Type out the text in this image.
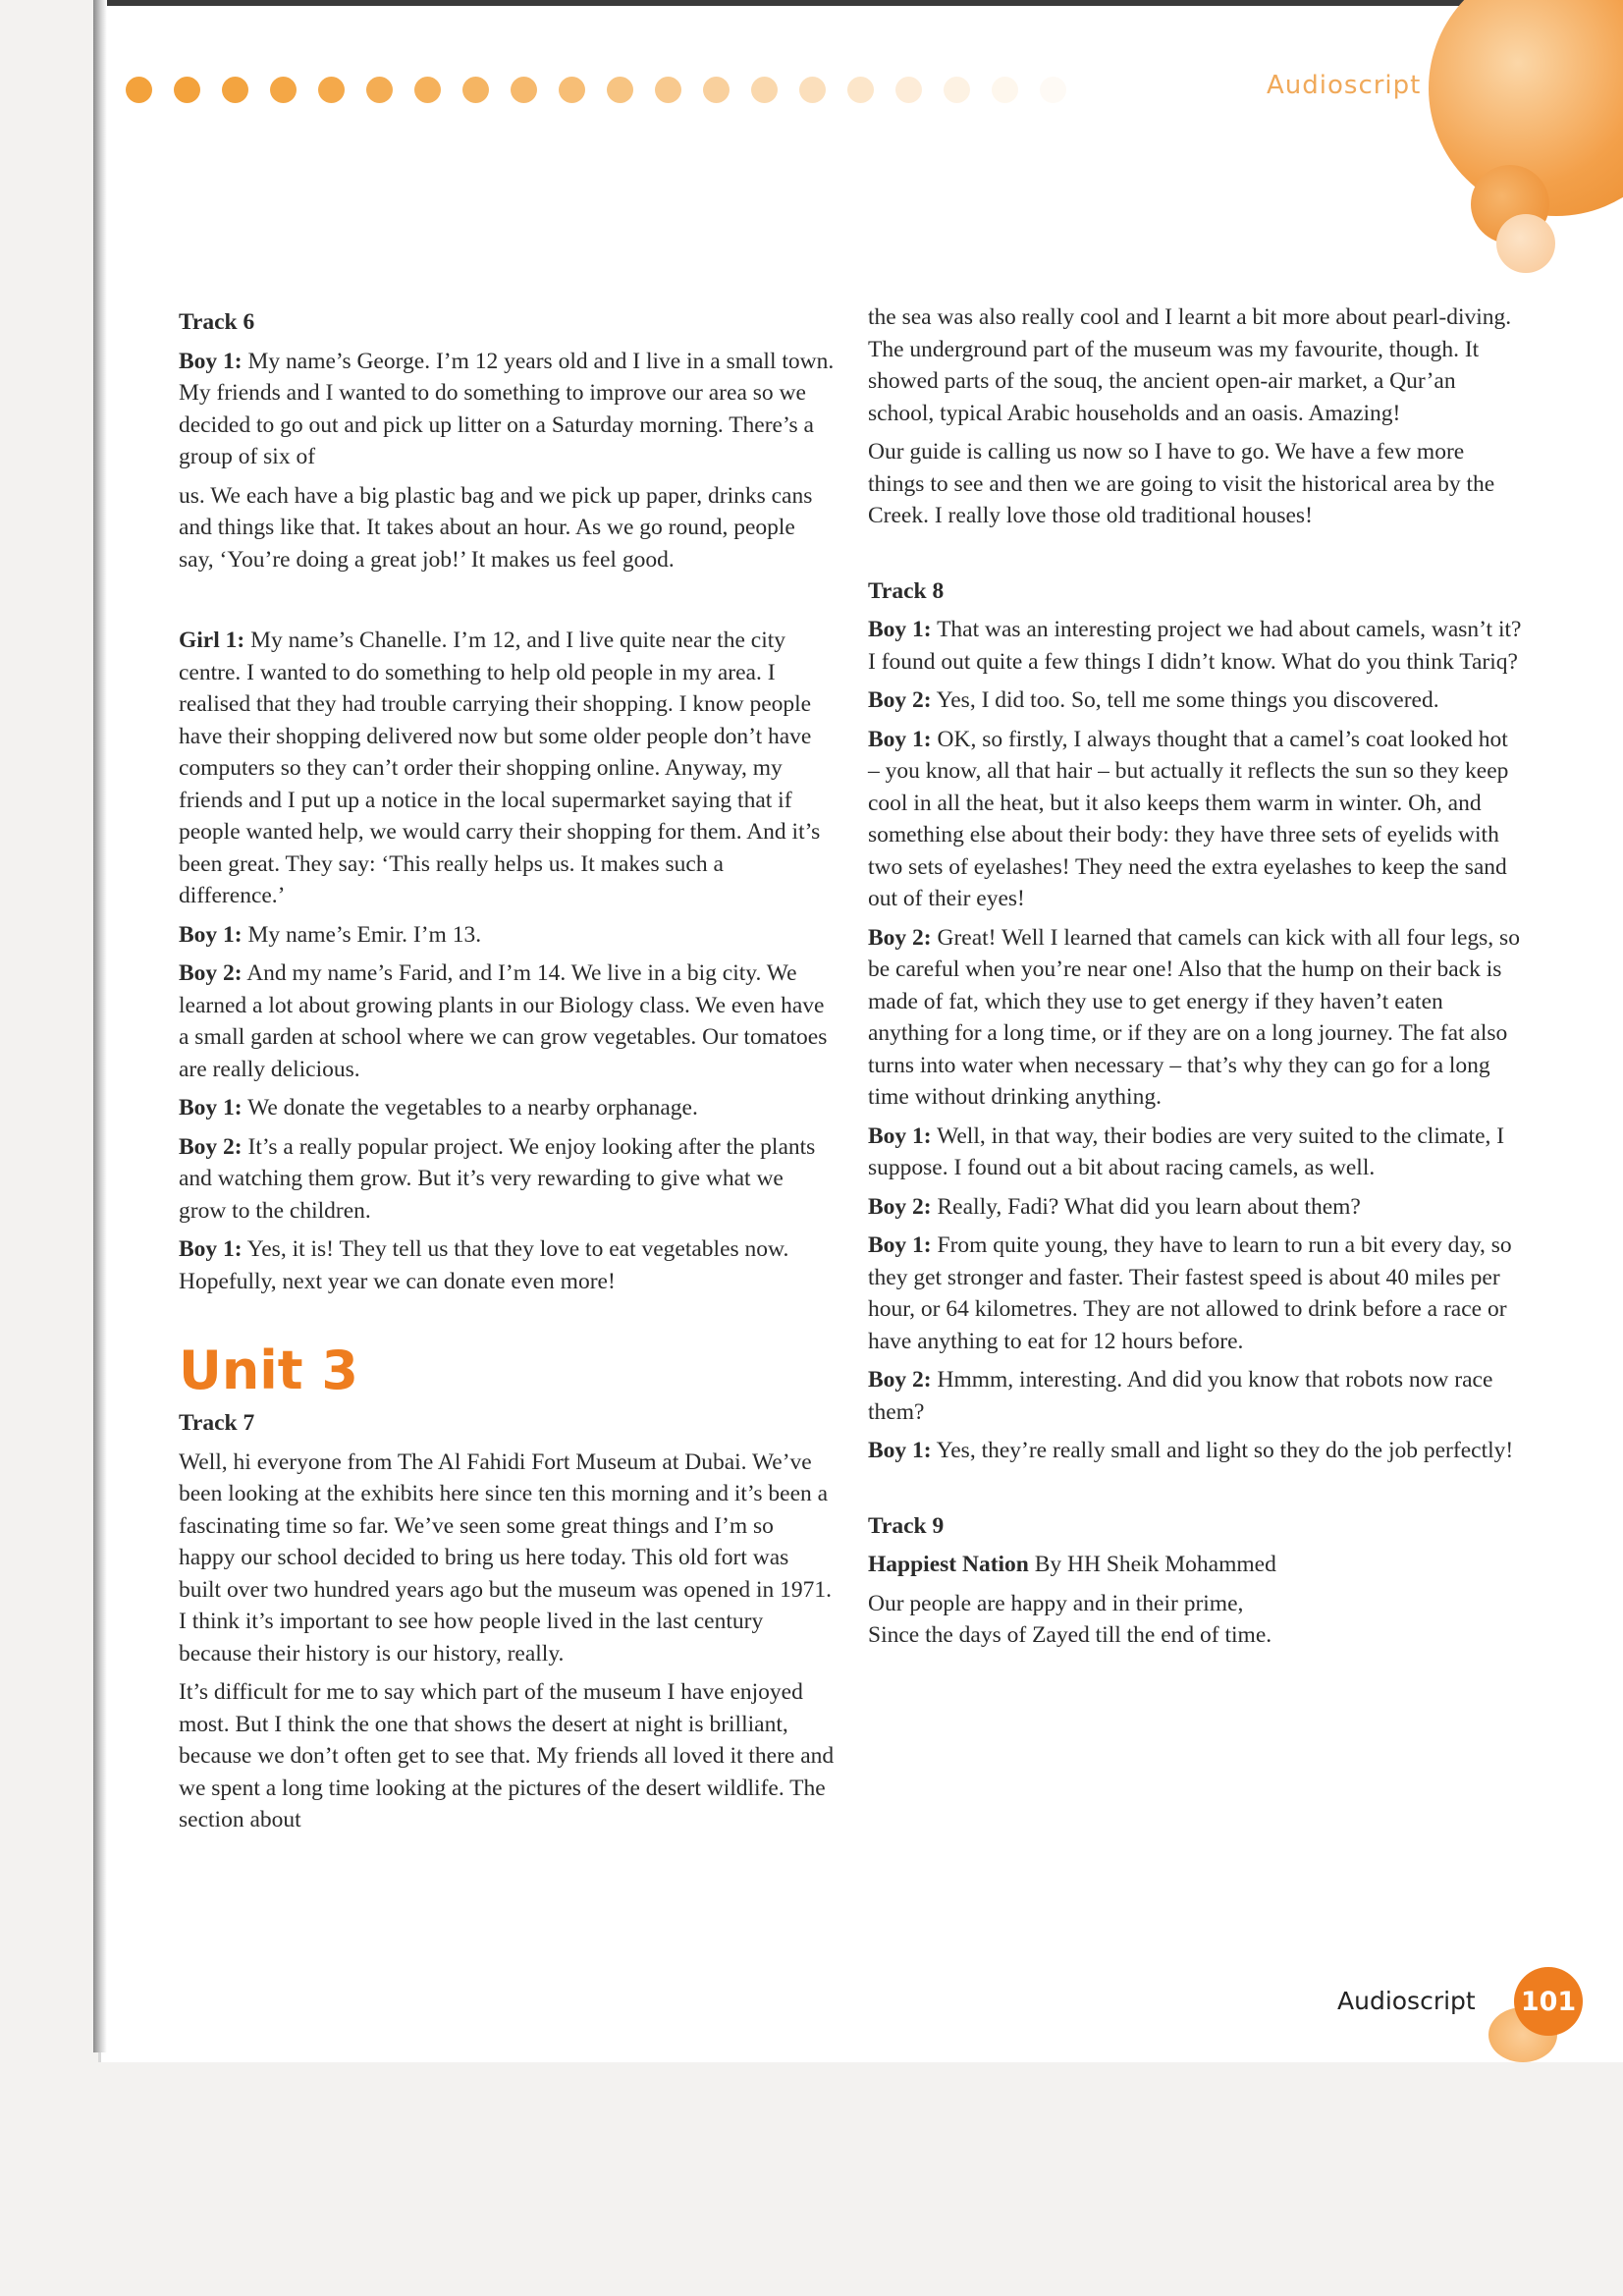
Audioscript

Track 6

Boy 1: My name’s George. I’m 12 years old and I live in a small town. My friends and I wanted to do something to improve our area so we decided to go out and pick up litter on a Saturday morning. There’s a group of six of

us. We each have a big plastic bag and we pick up paper, drinks cans and things like that. It takes about an hour. As we go round, people say, ‘You’re doing a great job!’ It makes us feel good.

Girl 1: My name’s Chanelle. I’m 12, and I live quite near the city centre. I wanted to do something to help old people in my area. I realised that they had trouble carrying their shopping. I know people have their shopping delivered now but some older people don’t have computers so they can’t order their shopping online. Anyway, my friends and I put up a notice in the local supermarket saying that if people wanted help, we would carry their shopping for them. And it’s been great. They say: ‘This really helps us. It makes such a difference.’

Boy 1: My name’s Emir. I’m 13.

Boy 2: And my name’s Farid, and I’m 14. We live in a big city. We learned a lot about growing plants in our Biology class. We even have a small garden at school where we can grow vegetables. Our tomatoes are really delicious.

Boy 1: We donate the vegetables to a nearby orphanage.

Boy 2: It’s a really popular project. We enjoy looking after the plants and watching them grow. But it’s very rewarding to give what we grow to the children.

Boy 1: Yes, it is! They tell us that they love to eat vegetables now. Hopefully, next year we can donate even more!

Unit 3

Track 7

Well, hi everyone from The Al Fahidi Fort Museum at Dubai. We’ve been looking at the exhibits here since ten this morning and it’s been a fascinating time so far. We’ve seen some great things and I’m so happy our school decided to bring us here today. This old fort was built over two hundred years ago but the museum was opened in 1971. I think it’s important to see how people lived in the last century because their history is our history, really.

It’s difficult for me to say which part of the museum I have enjoyed most. But I think the one that shows the desert at night is brilliant, because we don’t often get to see that. My friends all loved it there and we spent a long time looking at the pictures of the desert wildlife. The section about

the sea was also really cool and I learnt a bit more about pearl-diving. The underground part of the museum was my favourite, though. It showed parts of the souq, the ancient open-air market, a Qur’an school, typical Arabic households and an oasis. Amazing!

Our guide is calling us now so I have to go. We have a few more things to see and then we are going to visit the historical area by the Creek. I really love those old traditional houses!

Track 8

Boy 1: That was an interesting project we had about camels, wasn’t it? I found out quite a few things I didn’t know. What do you think Tariq?

Boy 2: Yes, I did too. So, tell me some things you discovered.

Boy 1: OK, so firstly, I always thought that a camel’s coat looked hot – you know, all that hair – but actually it reflects the sun so they keep cool in all the heat, but it also keeps them warm in winter. Oh, and something else about their body: they have three sets of eyelids with two sets of eyelashes! They need the extra eyelashes to keep the sand out of their eyes!

Boy 2: Great! Well I learned that camels can kick with all four legs, so be careful when you’re near one! Also that the hump on their back is made of fat, which they use to get energy if they haven’t eaten anything for a long time, or if they are on a long journey. The fat also turns into water when necessary – that’s why they can go for a long time without drinking anything.

Boy 1: Well, in that way, their bodies are very suited to the climate, I suppose. I found out a bit about racing camels, as well.

Boy 2: Really, Fadi? What did you learn about them?

Boy 1: From quite young, they have to learn to run a bit every day, so they get stronger and faster. Their fastest speed is about 40 miles per hour, or 64 kilometres. They are not allowed to drink before a race or have anything to eat for 12 hours before.

Boy 2: Hmmm, interesting. And did you know that robots now race them?

Boy 1: Yes, they’re really small and light so they do the job perfectly!

Track 9

Happiest Nation By HH Sheik Mohammed

Our people are happy and in their prime,

Since the days of Zayed till the end of time.

Audioscript 101
